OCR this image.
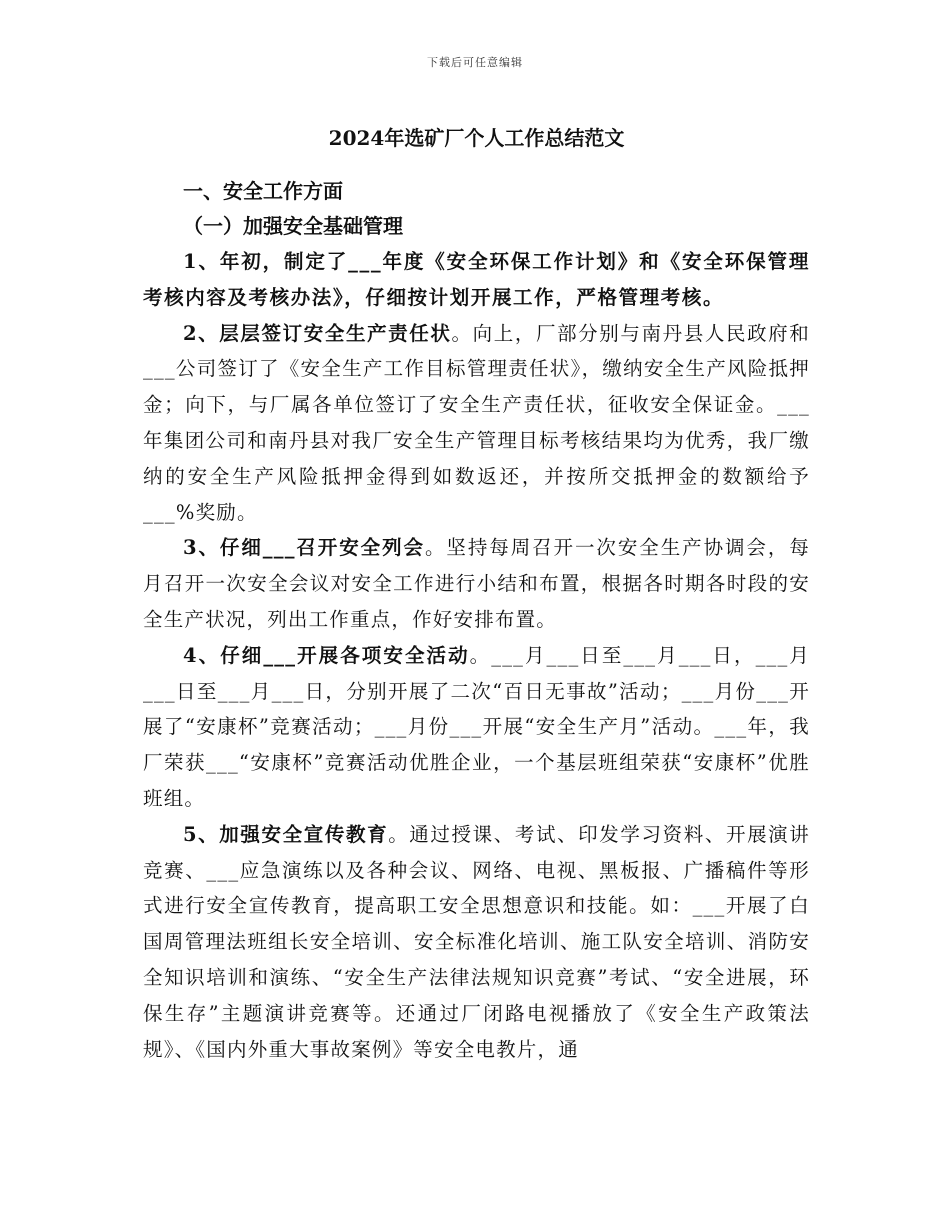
下载后可任意编辑

2024年选矿厂个人工作总结范文

一、安全工作方面

（一）加强安全基础管理

1、年初，制定了___年度《安全环保工作计划》和《安全环保管理考核内容及考核办法》，仔细按计划开展工作，严格管理考核。

2、层层签订安全生产责任状。向上，厂部分别与南丹县人民政府和___公司签订了《安全生产工作目标管理责任状》，缴纳安全生产风险抵押金；向下，与厂属各单位签订了安全生产责任状，征收安全保证金。___年集团公司和南丹县对我厂安全生产管理目标考核结果均为优秀，我厂缴纳的安全生产风险抵押金得到如数返还，并按所交抵押金的数额给予___%奖励。

3、仔细___召开安全列会。坚持每周召开一次安全生产协调会，每月召开一次安全会议对安全工作进行小结和布置，根据各时期各时段的安全生产状况，列出工作重点，作好安排布置。

4、仔细___开展各项安全活动。___月___日至___月___日，___月___日至___月___日，分别开展了二次“百日无事故”活动；___月份___开展了“安康杯”竞赛活动；___月份___开展“安全生产月”活动。___年，我厂荣获___“安康杯”竞赛活动优胜企业，一个基层班组荣获“安康杯”优胜班组。

5、加强安全宣传教育。通过授课、考试、印发学习资料、开展演讲竞赛、___应急演练以及各种会议、网络、电视、黑板报、广播稿件等形式进行安全宣传教育，提高职工安全思想意识和技能。如：___开展了白国周管理法班组长安全培训、安全标准化培训、施工队安全培训、消防安全知识培训和演练、“安全生产法律法规知识竞赛”考试、“安全进展，环保生存”主题演讲竞赛等。还通过厂闭路电视播放了《安全生产政策法规》、《国内外重大事故案例》等安全电教片，通
